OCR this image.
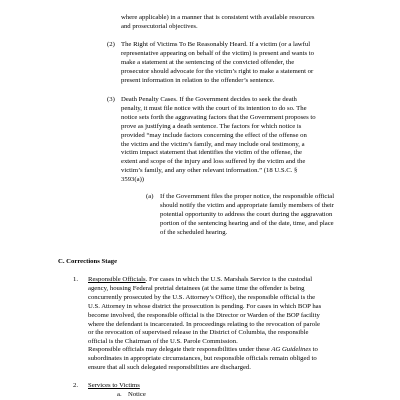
where applicable) in a manner that is consistent with available resources
and prosecutorial objectives.
(2) The Right of Victims To Be Reasonably Heard. If a victim (or a lawful
representative appearing on behalf of the victim) is present and wants to
make a statement at the sentencing of the convicted offender, the
prosecutor should advocate for the victim’s right to make a statement or
present information in relation to the offender’s sentence.
(3) Death Penalty Cases. If the Government decides to seek the death
penalty, it must file notice with the court of its intention to do so. The
notice sets forth the aggravating factors that the Government proposes to
prove as justifying a death sentence. The factors for which notice is
provided “may include factors concerning the effect of the offense on
the victim and the victim’s family, and may include oral testimony, a
victim impact statement that identifies the victim of the offense, the
extent and scope of the injury and loss suffered by the victim and the
victim’s family, and any other relevant information.” (18 U.S.C. §
3593(a))
(a) If the Government files the proper notice, the responsible official
should notify the victim and appropriate family members of their
potential opportunity to address the court during the aggravation
portion of the sentencing hearing and of the date, time, and place
of the scheduled hearing.
C. Corrections Stage
1. Responsible Officials. For cases in which the U.S. Marshals Service is the custodial
agency, housing Federal pretrial detainees (at the same time the offender is being
concurrently prosecuted by the U.S. Attorney’s Office), the responsible official is the
U.S. Attorney in whose district the prosecution is pending. For cases in which BOP has
become involved, the responsible official is the Director or Warden of the BOP facility
where the defendant is incarcerated. In proceedings relating to the revocation of parole
or the revocation of supervised release in the District of Columbia, the responsible
official is the Chairman of the U.S. Parole Commission.
Responsible officials may delegate their responsibilities under these AG Guidelines to
subordinates in appropriate circumstances, but responsible officials remain obliged to
ensure that all such delegated responsibilities are discharged.
2. Services to Victims
a. Notice
